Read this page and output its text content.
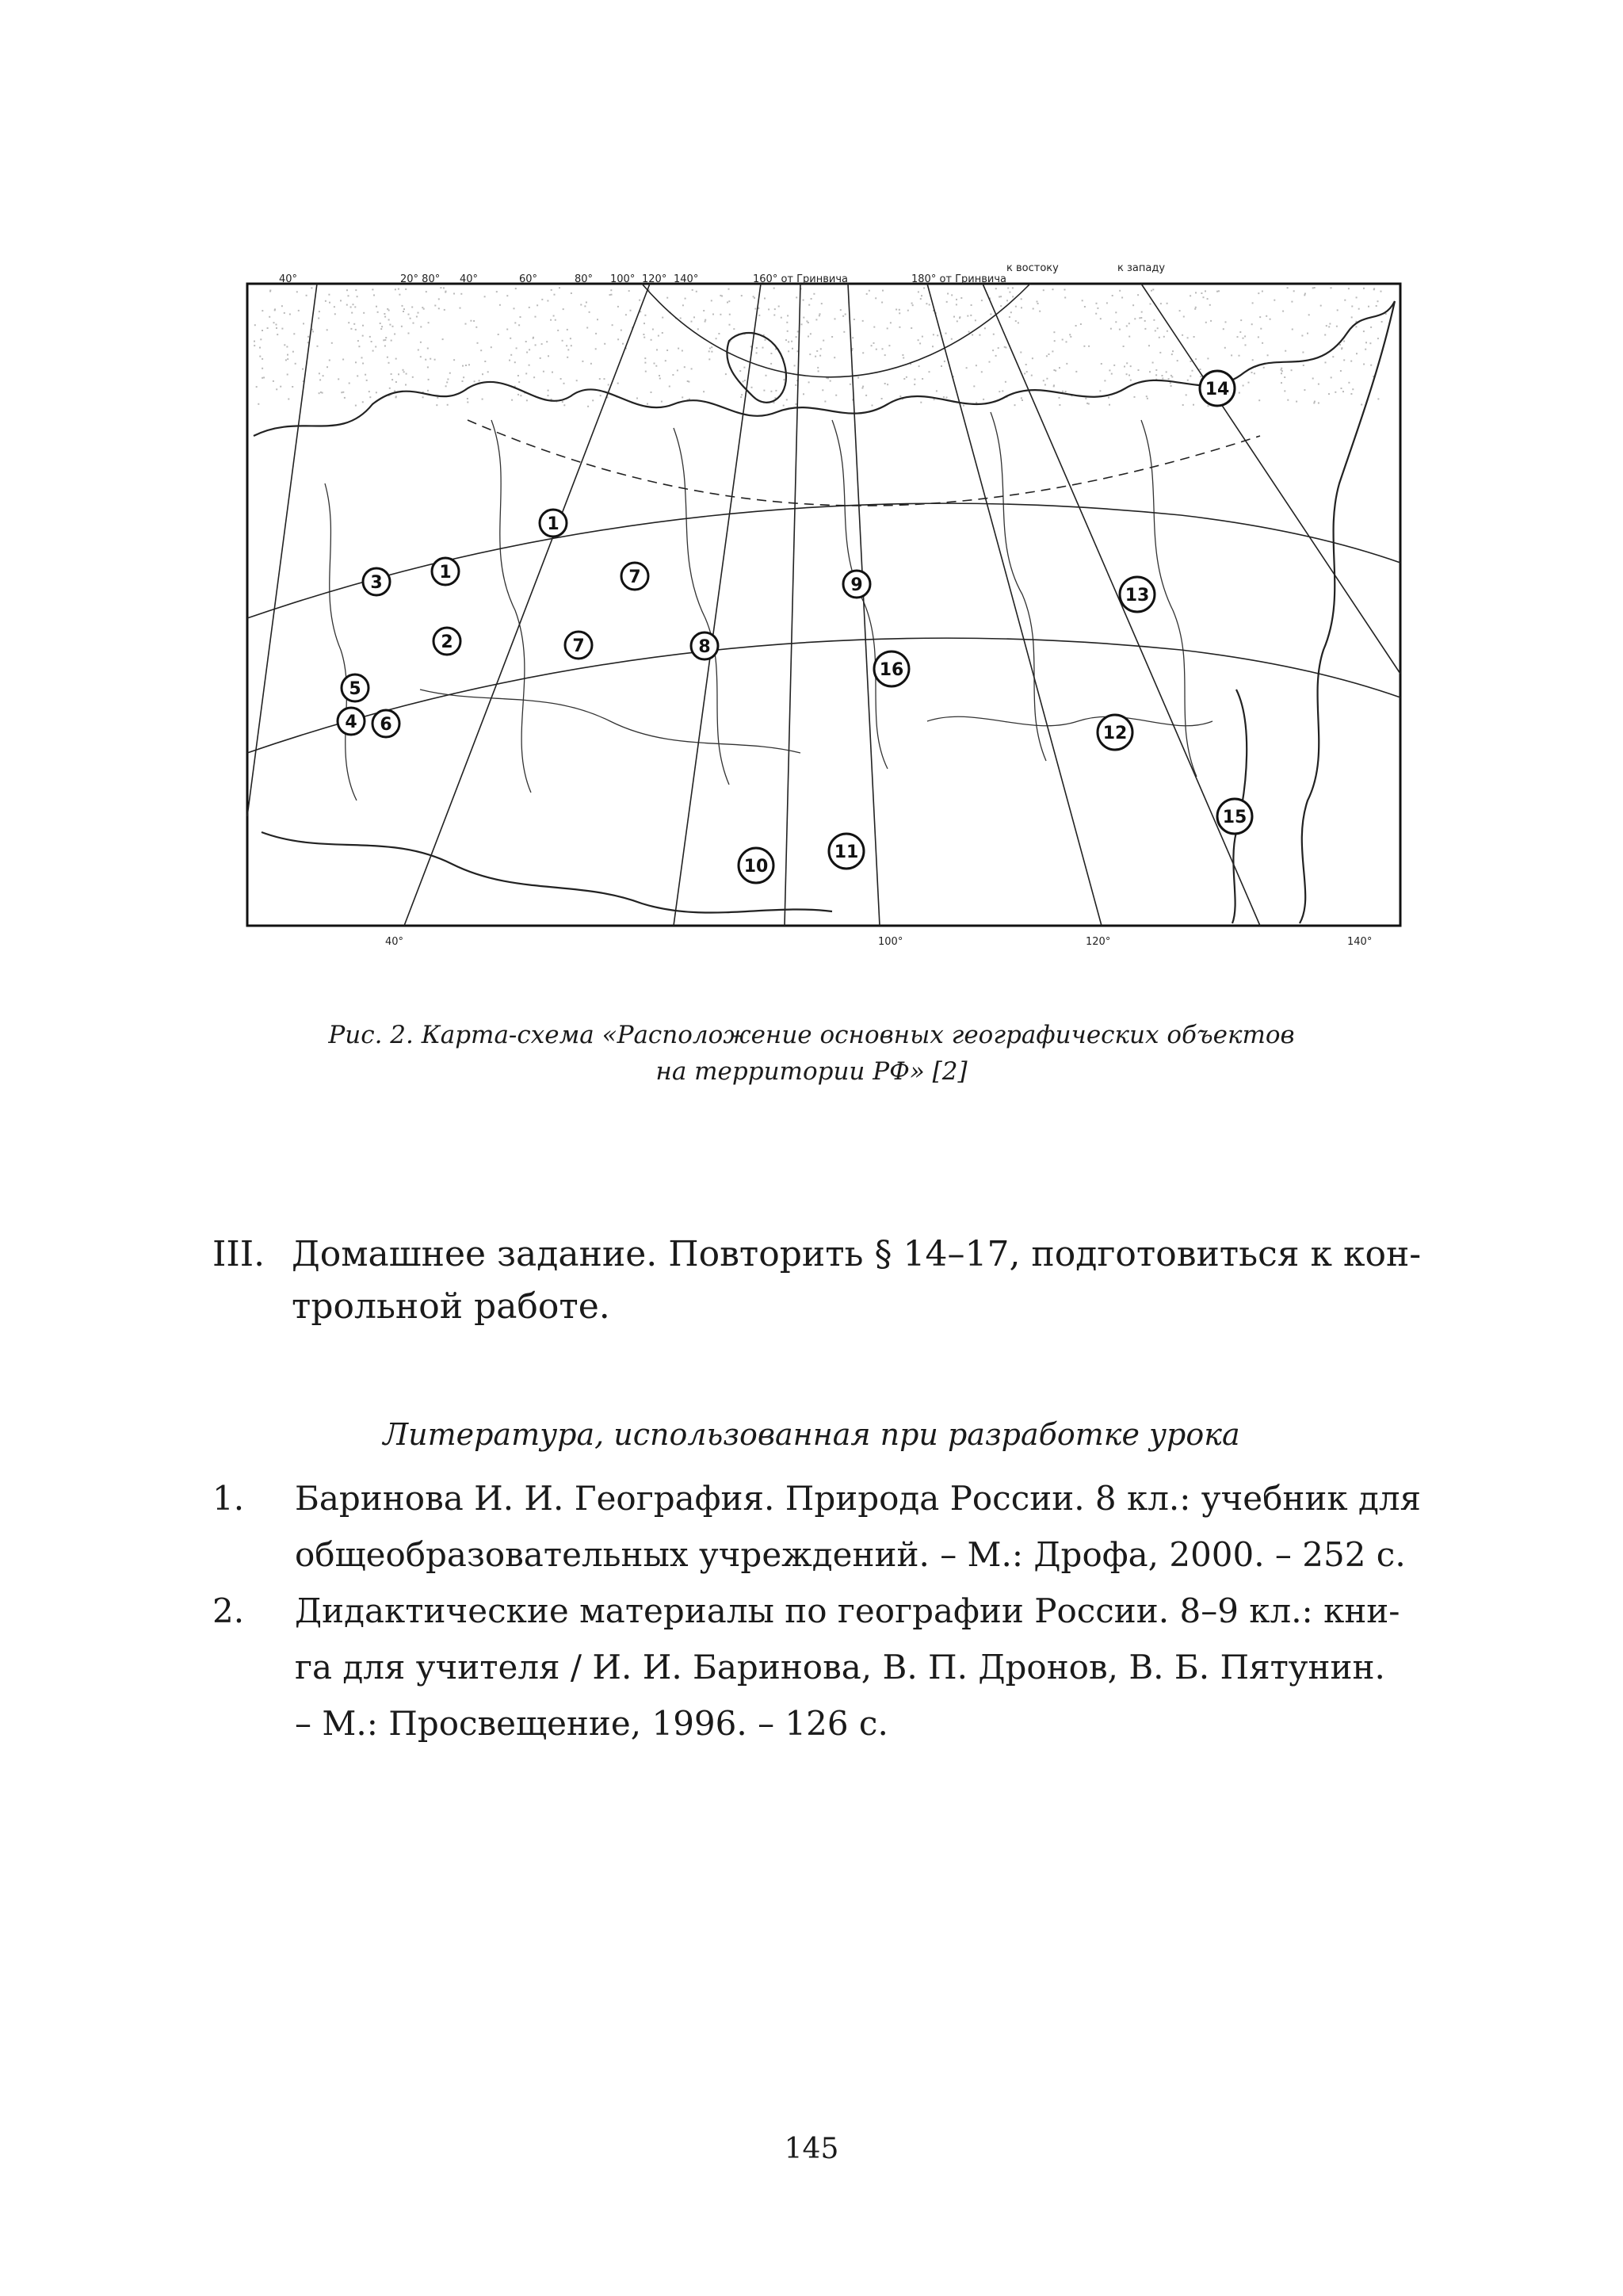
1
1
2
3
4
5
6
7
7	8
9
10
11
12
13
14
15
16
40°	20° 80° 40°	60°	80° 100° 120° 140°	160° от Гринвича	180° от Гринвича
к востоку	к западу
40°	100°	120°	140°
Рис. 2. Карта-схема «Расположение основных географических объектов
на территории РФ» [2]
III. Домашнее задание. Повторить § 14–17, подготовиться к кон-
трольной работе.
Литература, использованная при разработке урока
1. Баринова И. И. География. Природа России. 8 кл.: учебник для
общеобразовательных учреждений. – М.: Дрофа, 2000. – 252 с.
2. Дидактические материалы по географии России. 8–9 кл.: кни-
га для учителя / И. И. Баринова, В. П. Дронов, В. Б. Пятунин.
– М.: Просвещение, 1996. – 126 с.
145
